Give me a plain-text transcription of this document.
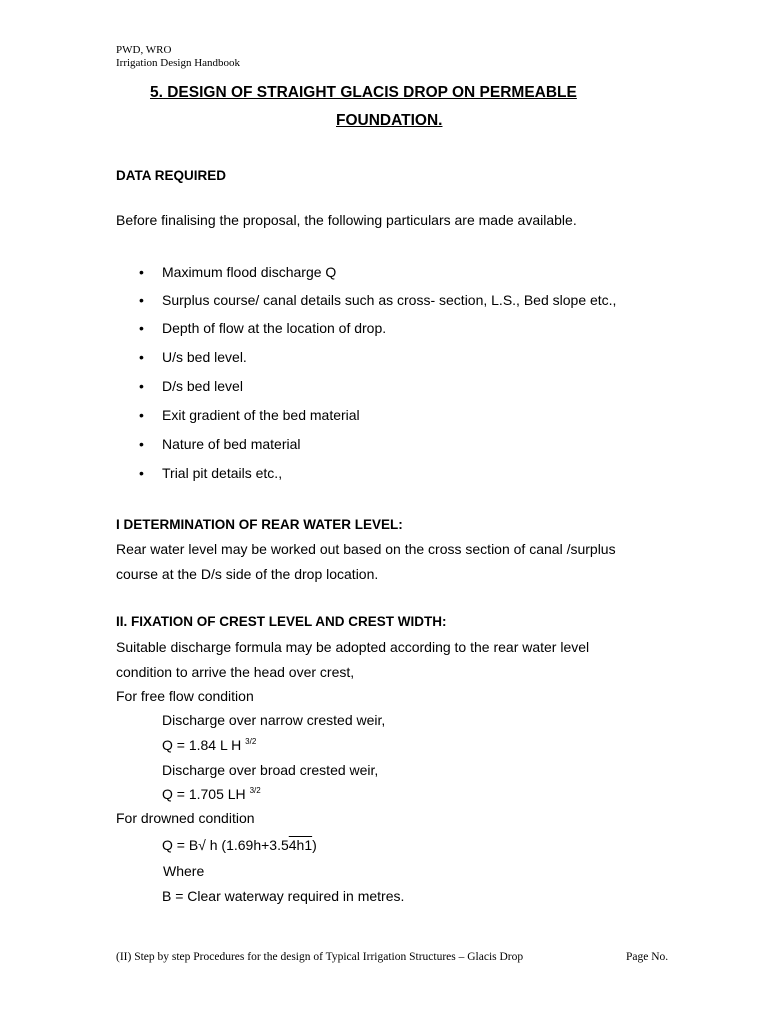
PWD, WRO
Irrigation Design Handbook
5. DESIGN OF STRAIGHT GLACIS DROP ON PERMEABLE
FOUNDATION.
DATA REQUIRED
Before finalising the proposal, the following particulars are made available.
• Maximum flood discharge Q
• Surplus course/ canal details such as cross- section, L.S., Bed slope etc.,
• Depth of flow at the location of drop.
• U/s bed level.
• D/s bed level
• Exit gradient of the bed material
• Nature of bed material
• Trial pit details etc.,
I DETERMINATION OF REAR WATER LEVEL:
Rear water level may be worked out based on the cross section of canal /surplus
course at the D/s side of the drop location.
II. FIXATION OF CREST LEVEL AND CREST WIDTH:
Suitable discharge formula may be adopted according to the rear water level
condition to arrive the head over crest,
For free flow condition
Discharge over narrow crested weir,
Q = 1.84 L H $^{3/2}$
Discharge over broad crested weir,
Q = 1.705 LH $^{3/2}$
For drowned condition
Q = B√ h (1.69h+3.54h1)
Where
B = Clear waterway required in metres.
(II) Step by step Procedures for the design of Typical Irrigation Structures – Glacis Drop	Page No.
